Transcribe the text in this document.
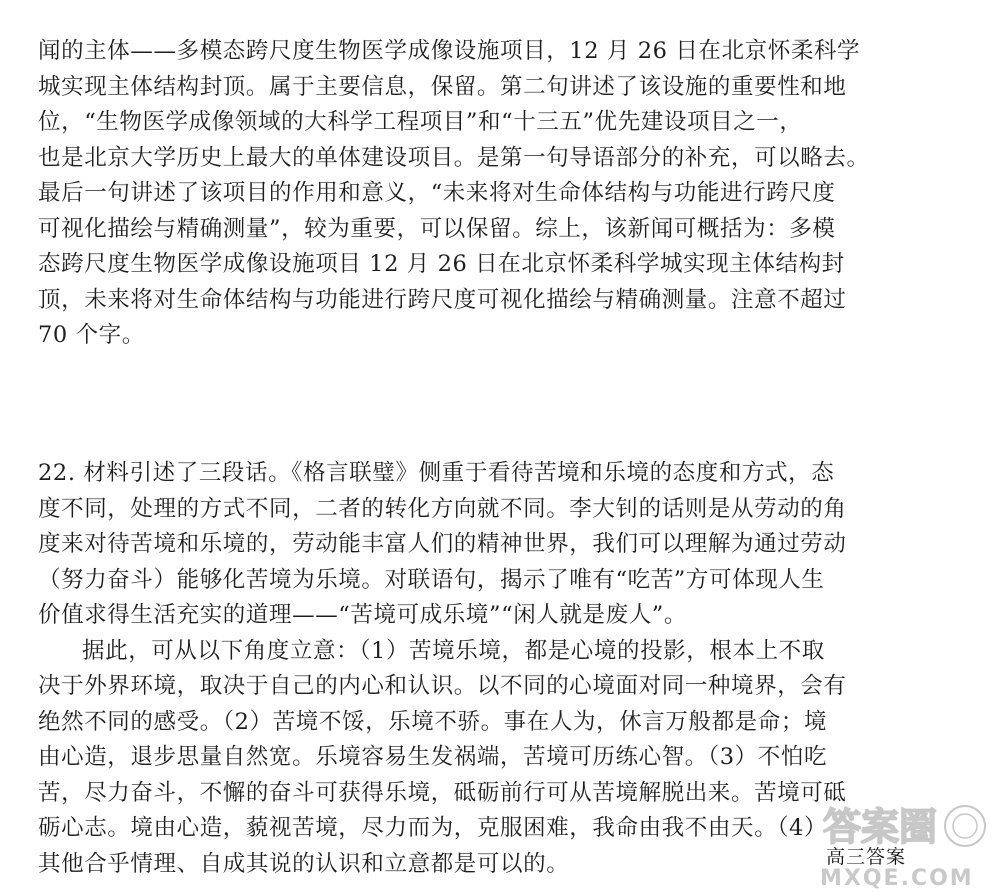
闻的主体——多模态跨尺度生物医学成像设施项目，12 月 26 日在北京怀柔科学
城实现主体结构封顶。属于主要信息，保留。第二句讲述了该设施的重要性和地
位，“生物医学成像领域的大科学工程项目”和“十三五”优先建设项目之一，
也是北京大学历史上最大的单体建设项目。是第一句导语部分的补充，可以略去。
最后一句讲述了该项目的作用和意义，“未来将对生命体结构与功能进行跨尺度
可视化描绘与精确测量”，较为重要，可以保留。综上，该新闻可概括为：多模
态跨尺度生物医学成像设施项目 12 月 26 日在北京怀柔科学城实现主体结构封
顶，未来将对生命体结构与功能进行跨尺度可视化描绘与精确测量。注意不超过
70 个字。
22. 材料引述了三段话。《格言联璧》侧重于看待苦境和乐境的态度和方式，态
度不同，处理的方式不同，二者的转化方向就不同。李大钊的话则是从劳动的角
度来对待苦境和乐境的，劳动能丰富人们的精神世界，我们可以理解为通过劳动
（努力奋斗）能够化苦境为乐境。对联语句，揭示了唯有“吃苦”方可体现人生
价值求得生活充实的道理——“苦境可成乐境”“闲人就是废人”。
据此，可从以下角度立意：（1）苦境乐境，都是心境的投影，根本上不取
决于外界环境，取决于自己的内心和认识。以不同的心境面对同一种境界，会有
绝然不同的感受。（2）苦境不馁，乐境不骄。事在人为，休言万般都是命；境
由心造，退步思量自然宽。乐境容易生发祸端，苦境可历练心智。（3）不怕吃
苦，尽力奋斗，不懈的奋斗可获得乐境，砥砺前行可从苦境解脱出来。苦境可砥
砺心志。境由心造，藐视苦境，尽力而为，克服困难，我命由我不由天。（4）
其他合乎情理、自成其说的认识和立意都是可以的。
答案圈
高三答案
MXQE.COM
